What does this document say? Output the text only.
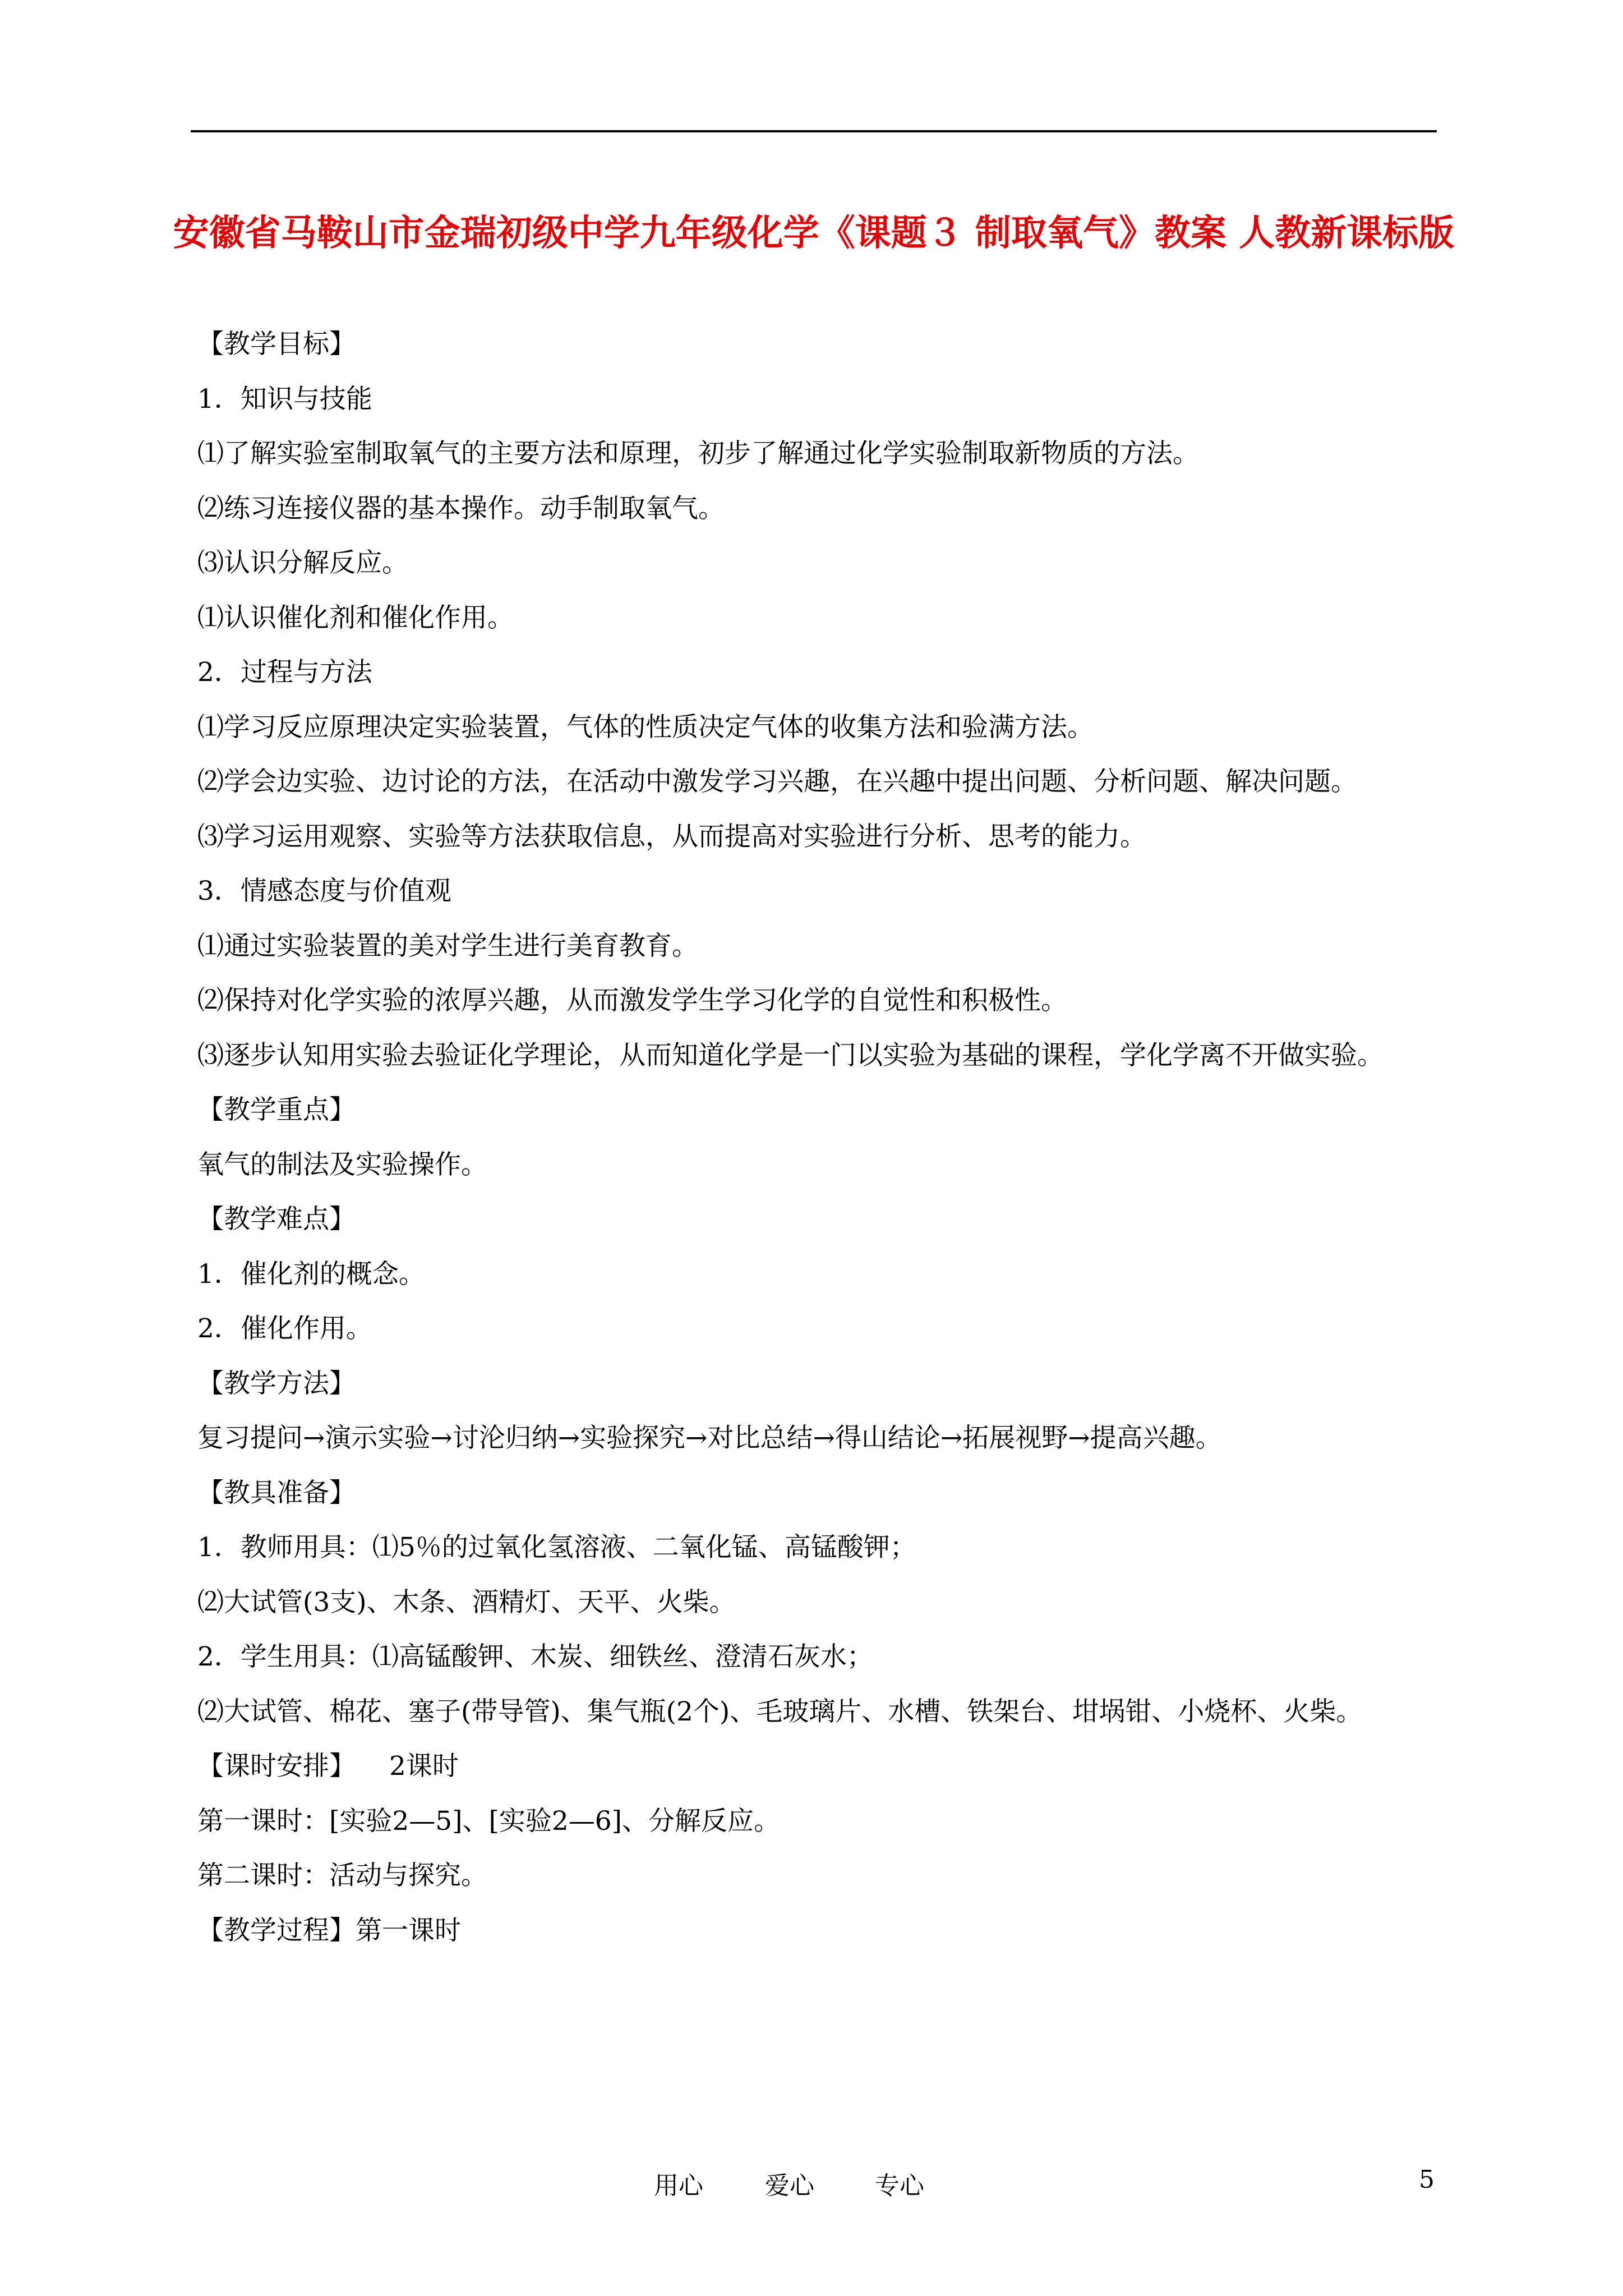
安徽省马鞍山市金瑞初级中学九年级化学《课题３ 制取氧气》教案 人教新课标版

【教学目标】

1．知识与技能

⑴了解实验室制取氧气的主要方法和原理，初步了解通过化学实验制取新物质的方法。

⑵练习连接仪器的基本操作。动手制取氧气。

⑶认识分解反应。

⑴认识催化剂和催化作用。

2．过程与方法

⑴学习反应原理决定实验装置，气体的性质决定气体的收集方法和验满方法。

⑵学会边实验、边讨论的方法，在活动中激发学习兴趣，在兴趣中提出问题、分析问题、解决问题。

⑶学习运用观察、实验等方法获取信息，从而提高对实验进行分析、思考的能力。

3．情感态度与价值观

⑴通过实验装置的美对学生进行美育教育。

⑵保持对化学实验的浓厚兴趣，从而激发学生学习化学的自觉性和积极性。

⑶逐步认知用实验去验证化学理论，从而知道化学是一门以实验为基础的课程，学化学离不开做实验。

【教学重点】

氧气的制法及实验操作。

【教学难点】

1．催化剂的概念。

2．催化作用。

【教学方法】

复习提问→演示实验→讨沦归纳→实验探究→对比总结→得山结论→拓展视野→提高兴趣。

【教具准备】

1．教师用具：⑴5％的过氧化氢溶液、二氧化锰、高锰酸钾；

⑵大试管(3支)、木条、酒精灯、天平、火柴。

2．学生用具：⑴高锰酸钾、木炭、细铁丝、澄清石灰水；

⑵大试管、棉花、塞子(带导管)、集气瓶(2个)、毛玻璃片、水槽、铁架台、坩埚钳、小烧杯、火柴。

【课时安排】 2课时

第一课时：[实验2—5]、[实验2—6]、分解反应。

第二课时：活动与探究。

【教学过程】第一课时

用心	爱心 专心	5
